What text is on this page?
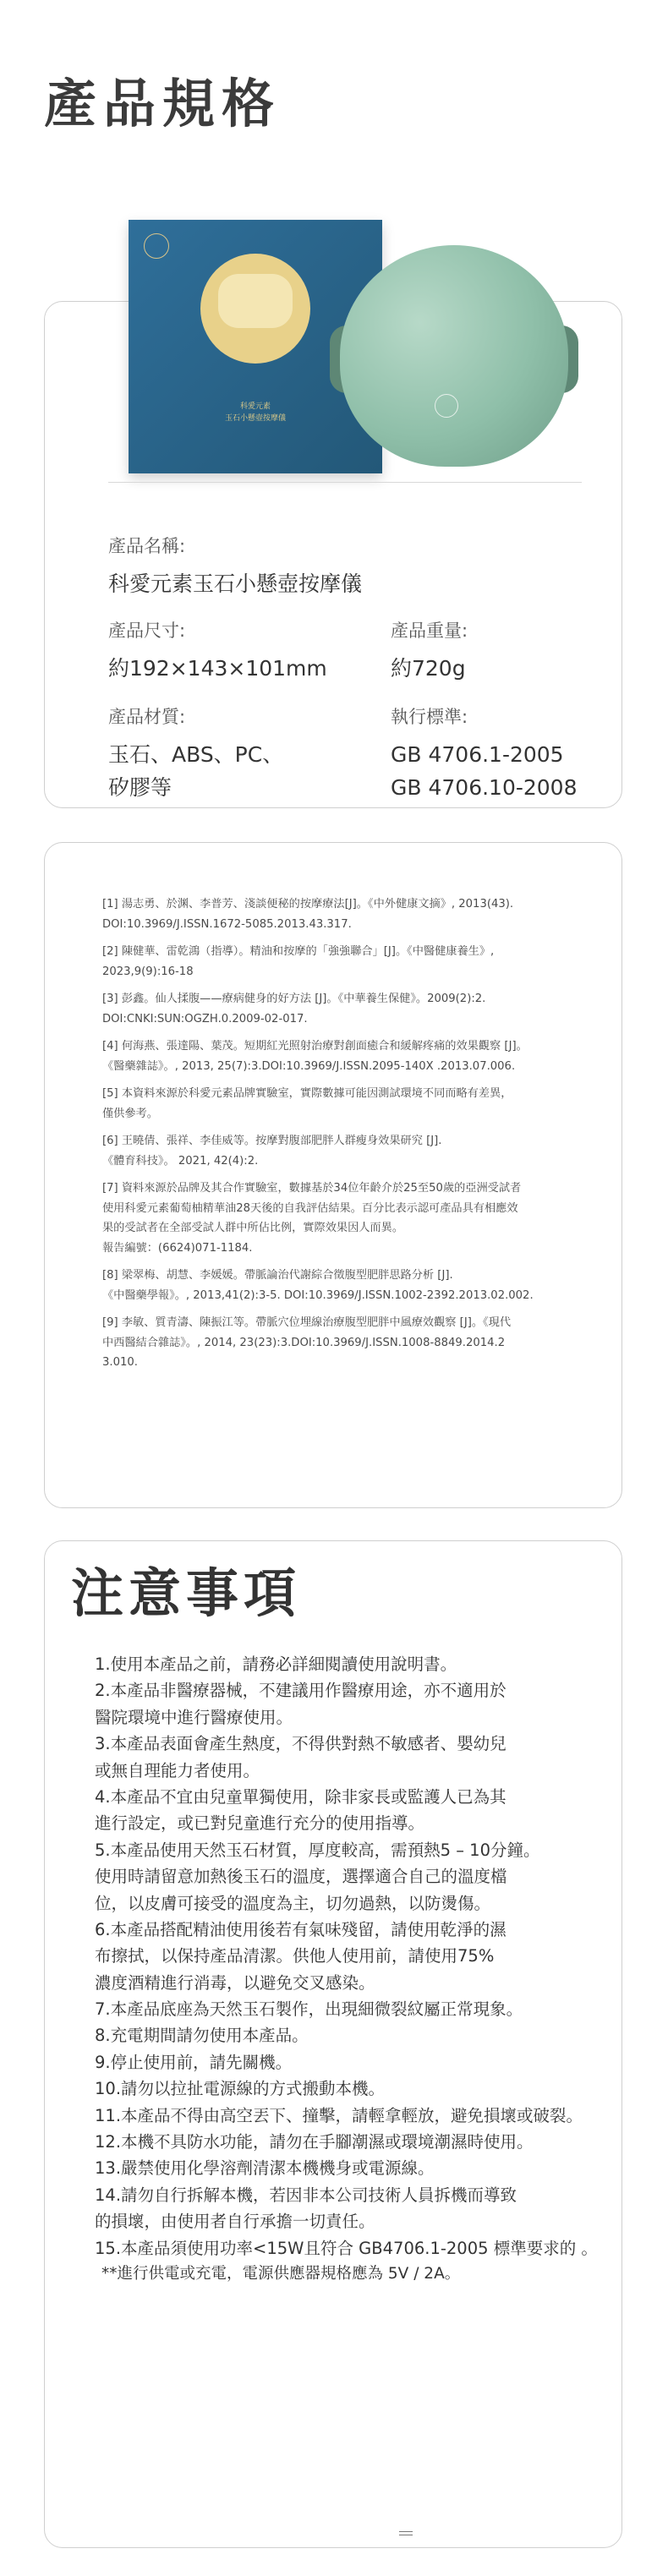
產品規格
科愛元素
玉石小懸壺按摩儀

產品名稱:

科愛元素玉石小懸壺按摩儀

產品尺寸:

約192×143×101mm

產品重量:

約720g

產品材質:

玉石、ABS、PC、
矽膠等

執行標準:

GB 4706.1-2005
GB 4706.10-2008

[1] 湯志勇、於渊、李普芳、淺談便秘的按摩療法[J]。《中外健康文摘》, 2013(43).
DOI:10.3969/J.ISSN.1672-5085.2013.43.317.

[2] 陳健華、雷乾鴻（指導）。精油和按摩的「強強聯合」[J]。《中醫健康養生》,
2023,9(9):16-18

[3] 彭鑫。仙人揉腹——療病健身的好方法 [J]。《中華養生保健》。2009(2):2.
DOI:CNKI:SUN:OGZH.0.2009-02-017.

[4] 何海燕、張達陽、葉茂。短期紅光照射治療對創面癒合和緩解疼痛的效果觀察 [J]。
《醫藥雜誌》。, 2013, 25(7):3.DOI:10.3969/J.ISSN.2095-140X .2013.07.006.

[5] 本資料來源於科愛元素品牌實驗室，實際數據可能因測試環境不同而略有差異，
僅供參考。

[6] 王曉倩、張祥、李佳威等。按摩對腹部肥胖人群瘦身效果研究 [J].
《體育科技》。 2021, 42(4):2.

[7] 資料來源於品牌及其合作實驗室，數據基於34位年齡介於25至50歲的亞洲受試者
使用科愛元素葡萄柚精華油28天後的自我評估結果。百分比表示認可產品具有相應效
果的受試者在全部受試人群中所佔比例，實際效果因人而異。
報告編號：(6624)071-1184.

[8] 梁翠梅、胡慧、李媛媛。帶脈論治代謝綜合徵腹型肥胖思路分析 [J].
《中醫藥學報》。, 2013,41(2):3-5. DOI:10.3969/J.ISSN.1002-2392.2013.02.002.

[9] 李敏、質青濤、陳振江等。帶脈穴位埋線治療腹型肥胖中風療效觀察 [J]。《現代
中西醫結合雜誌》。, 2014, 23(23):3.DOI:10.3969/J.ISSN.1008-8849.2014.2
3.010.

注意事項

1.使用本產品之前，請務必詳細閱讀使用說明書。

2.本產品非醫療器械，不建議用作醫療用途，亦不適用於
醫院環境中進行醫療使用。

3.本產品表面會產生熱度，不得供對熱不敏感者、嬰幼兒
或無自理能力者使用。

4.本產品不宜由兒童單獨使用，除非家長或監護人已為其
進行設定，或已對兒童進行充分的使用指導。

5.本產品使用天然玉石材質，厚度較高，需預熱5 – 10分鐘。
使用時請留意加熱後玉石的溫度，選擇適合自己的溫度檔
位，以皮膚可接受的溫度為主，切勿過熱，以防燙傷。

6.本產品搭配精油使用後若有氣味殘留，請使用乾淨的濕
布擦拭，以保持產品清潔。供他人使用前，請使用75%
濃度酒精進行消毒，以避免交叉感染。

7.本產品底座為天然玉石製作，出現細微裂紋屬正常現象。

8.充電期間請勿使用本產品。

9.停止使用前，請先關機。

10.請勿以拉扯電源線的方式搬動本機。

11.本產品不得由高空丟下、撞擊，請輕拿輕放，避免損壞或破裂。

12.本機不具防水功能，請勿在手腳潮濕或環境潮濕時使用。

13.嚴禁使用化學溶劑清潔本機機身或電源線。

14.請勿自行拆解本機，若因非本公司技術人員拆機而導致
的損壞，由使用者自行承擔一切責任。

15.本產品須使用功率<15W且符合 GB4706.1-2005 標準要求的 。

**進行供電或充電，電源供應器規格應為 5V / 2A。
